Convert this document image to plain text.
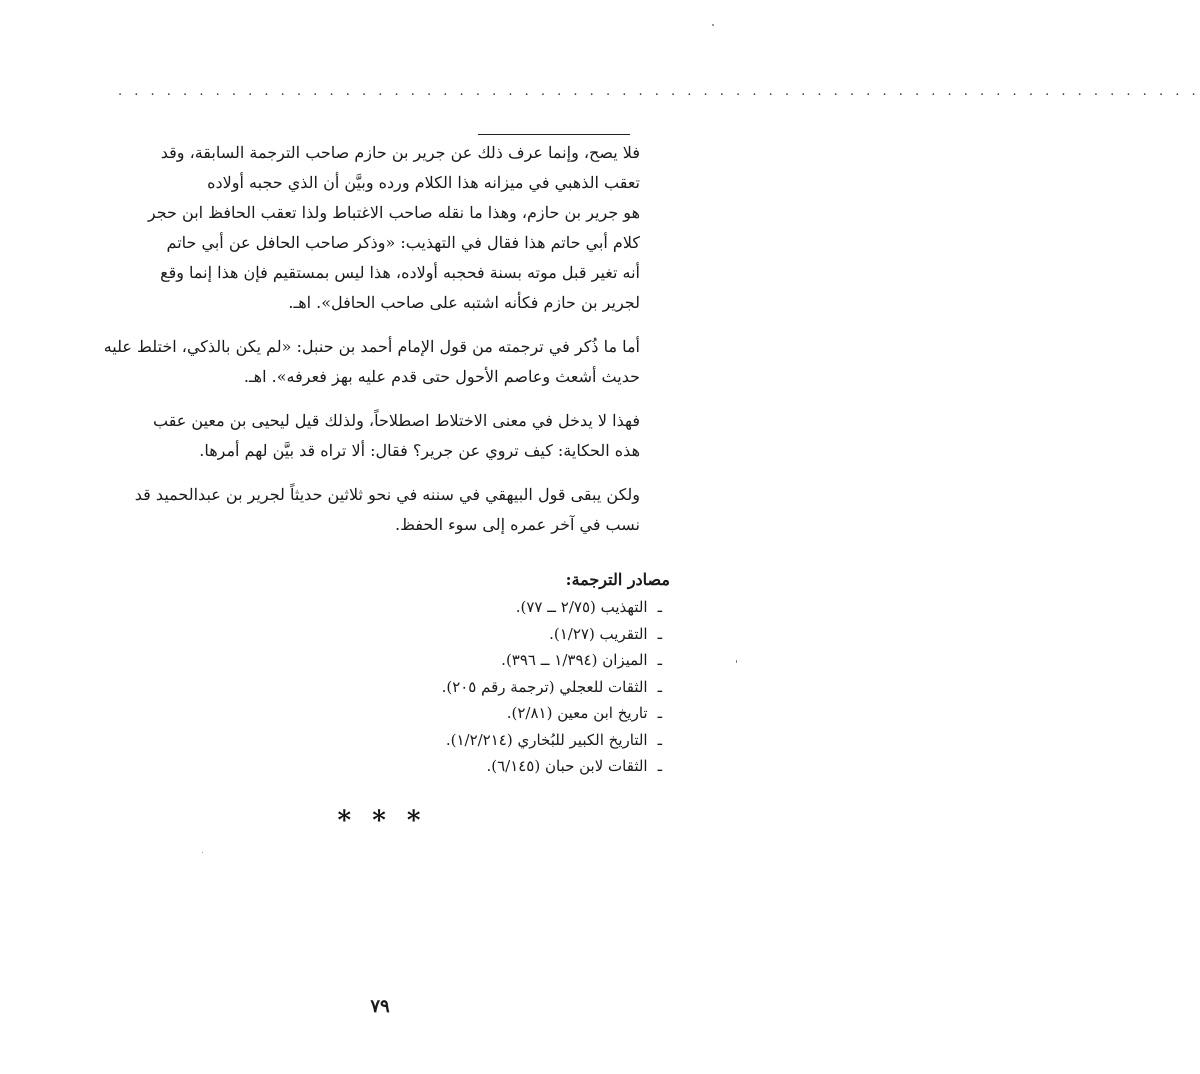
. . . . . . . . . . . . . . . . . . . . . . . . . . . . . . . . . . . . . . . . . . . . . . . . . . . . . . . . . . . . . . . . . . .

فلا يصح، وإنما عرف ذلك عن جرير بن حازم صاحب الترجمة السابقة، وقد
تعقب الذهبي في ميزانه هذا الكلام ورده وبيَّن أن الذي حجبه أولاده
هو جرير بن حازم، وهذا ما نقله صاحب الاغتباط ولذا تعقب الحافظ ابن حجر
كلام أبي حاتم هذا فقال في التهذيب: «وذكر صاحب الحافل عن أبي حاتم
أنه تغير قبل موته بسنة فحجبه أولاده، هذا ليس بمستقيم فإن هذا إنما وقع
لجرير بن حازم فكأنه اشتبه على صاحب الحافل». اهـ.

أما ما ذُكر في ترجمته من قول الإمام أحمد بن حنبل: «لم يكن بالذكي، اختلط عليه
حديث أشعث وعاصم الأحول حتى قدم عليه بهز فعرفه». اهـ.

فهذا لا يدخل في معنى الاختلاط اصطلاحاً، ولذلك قيل ليحيى بن معين عقب
هذه الحكاية: كيف تروي عن جرير؟ فقال: ألا تراه قد بيَّن لهم أمرها.

ولكن يبقى قول البيهقي في سننه في نحو ثلاثين حديثاً لجرير بن عبدالحميد قد
نسب في آخر عمره إلى سوء الحفظ.

مصادر الترجمة:
ـالتهذيب (٢/٧٥ ــ ٧٧).
ـالتقريب (١/٢٧).
ـالميزان (١/٣٩٤ ــ ٣٩٦).
ـالثقات للعجلي (ترجمة رقم ٢٠٥).
ـتاريخ ابن معين (٢/٨١).
ـالتاريخ الكبير للبُخاري (١/٢/٢١٤).
ـالثقات لابن حبان (٦/١٤٥).
* * *
٧٩
